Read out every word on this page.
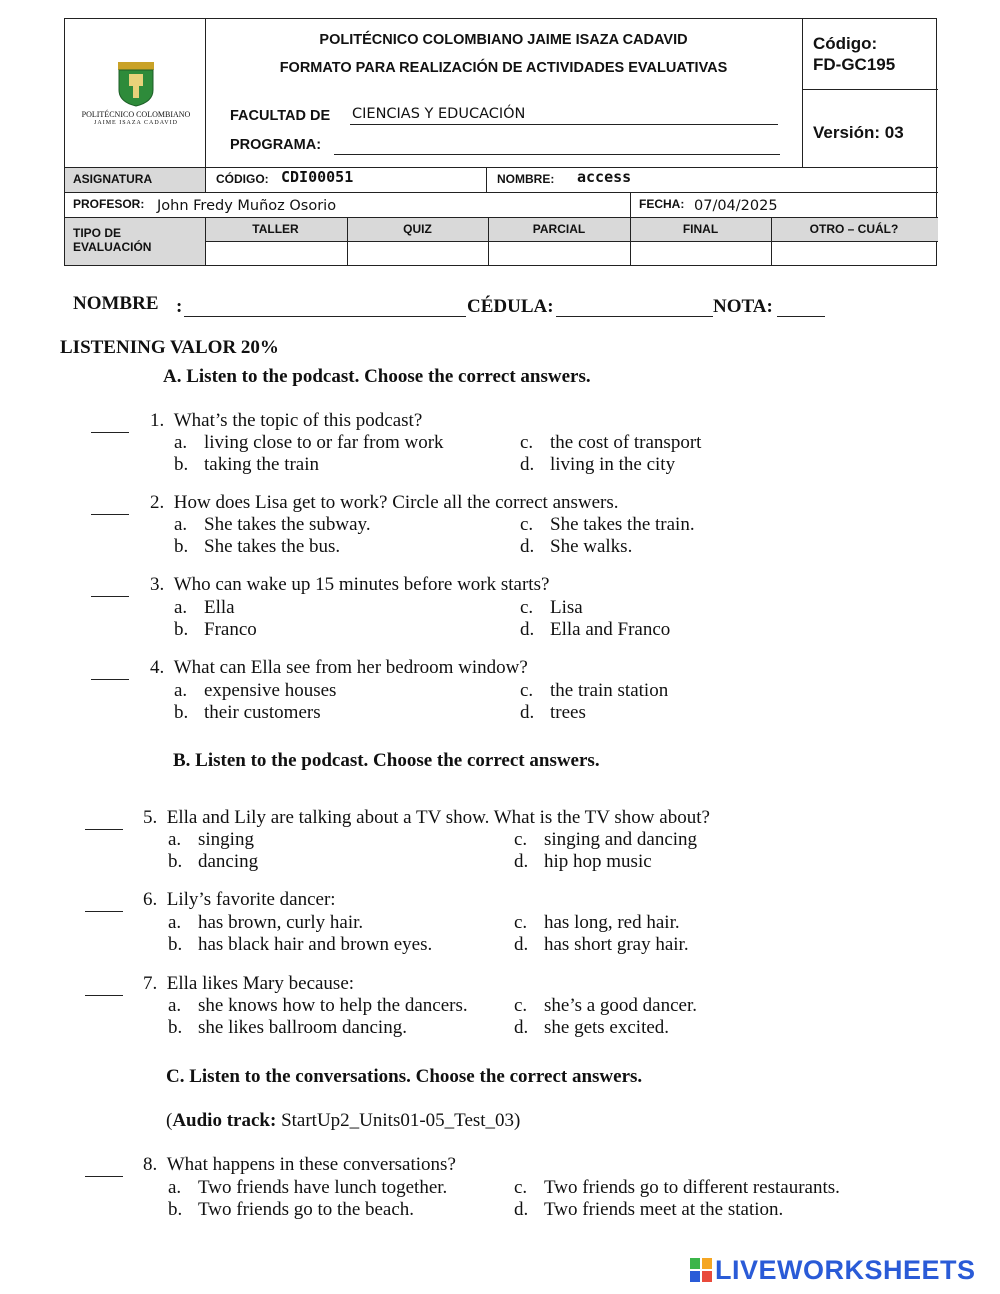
POLITÉCNICO COLOMBIANO
JAIME ISAZA CADAVID
POLITÉCNICO COLOMBIANO JAIME ISAZA CADAVID
FORMATO PARA REALIZACIÓN DE ACTIVIDADES EVALUATIVAS
FACULTAD DE CIENCIAS Y EDUCACIÓN
PROGRAMA:
Código:
FD-GC195
Versión: 03
ASIGNATURA	CÓDIGO: CDI00051	NOMBRE: access
PROFESOR: John Fredy Muñoz Osorio	FECHA: 07/04/2025
TIPO DE
EVALUACIÓN
TALLER	QUIZ	PARCIAL	FINAL	OTRO – CUÁL?
NOMBRE :	CÉDULA:	NOTA:
LISTENING VALOR 20%
A. Listen to the podcast. Choose the correct answers.
1. What’s the topic of this podcast?
a. living close to or far from work
b. taking the train
c. the cost of transport
d. living in the city
2. How does Lisa get to work? Circle all the correct answers.
a. She takes the subway.
b. She takes the bus.
c. She takes the train.
d. She walks.
3. Who can wake up 15 minutes before work starts?
a. Ella
b. Franco
c. Lisa
d. Ella and Franco
4. What can Ella see from her bedroom window?
a. expensive houses
b. their customers
c. the train station
d. trees
B. Listen to the podcast. Choose the correct answers.
5. Ella and Lily are talking about a TV show. What is the TV show about?
a. singing
b. dancing
c. singing and dancing
d. hip hop music
6. Lily’s favorite dancer:
a. has brown, curly hair.
b. has black hair and brown eyes.
c. has long, red hair.
d. has short gray hair.
7. Ella likes Mary because:
a. she knows how to help the dancers.
b. she likes ballroom dancing.
c. she’s a good dancer.
d. she gets excited.
C. Listen to the conversations. Choose the correct answers.
(Audio track: StartUp2_Units01-05_Test_03)
8. What happens in these conversations?
a. Two friends have lunch together.
b. Two friends go to the beach.
c. Two friends go to different restaurants.
d. Two friends meet at the station.
LIVEWORKSHEETS
